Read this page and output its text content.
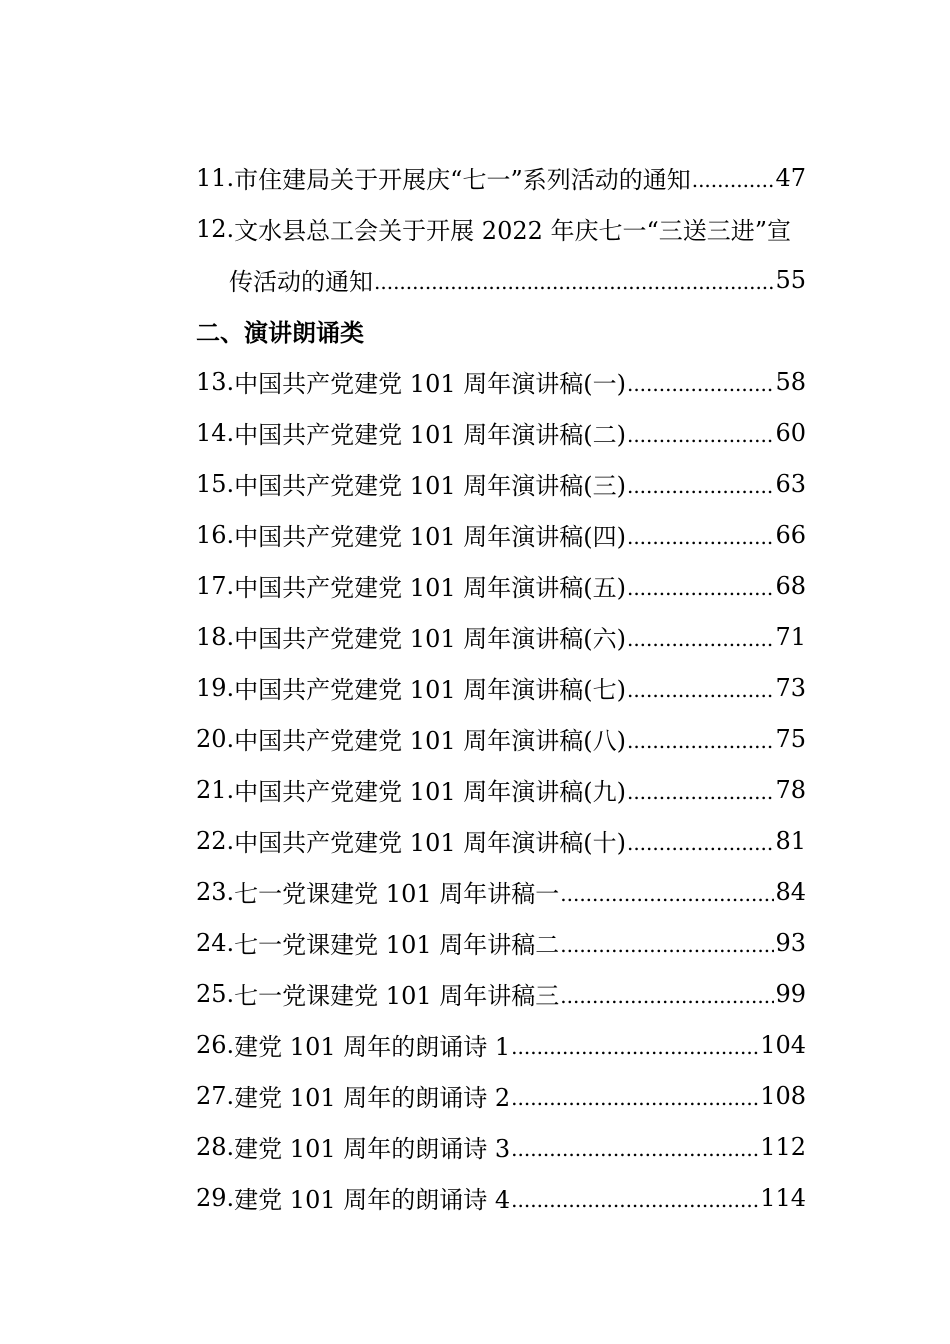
11. 市住建局关于开展庆“七一”系列活动的通知 .....	47
12. 文水县总工会关于开展 2022 年庆七一“三送三进”宣
传活动的通知 .....	55
二、演讲朗诵类
13. 中国共产党建党 101 周年演讲稿(一) .....	58
14. 中国共产党建党 101 周年演讲稿(二) .....	60
15. 中国共产党建党 101 周年演讲稿(三) .....	63
16. 中国共产党建党 101 周年演讲稿(四) .....	66
17. 中国共产党建党 101 周年演讲稿(五) .....	68
18. 中国共产党建党 101 周年演讲稿(六) .....	71
19. 中国共产党建党 101 周年演讲稿(七) .....	73
20. 中国共产党建党 101 周年演讲稿(八) .....	75
21. 中国共产党建党 101 周年演讲稿(九) .....	78
22. 中国共产党建党 101 周年演讲稿(十) .....	81
23. 七一党课建党 101 周年讲稿一 .....	84
24. 七一党课建党 101 周年讲稿二 .....	93
25. 七一党课建党 101 周年讲稿三 .....	99
26. 建党 101 周年的朗诵诗 1 .....	104
27. 建党 101 周年的朗诵诗 2 .....	108
28. 建党 101 周年的朗诵诗 3 .....	112
29. 建党 101 周年的朗诵诗 4 .....	114
